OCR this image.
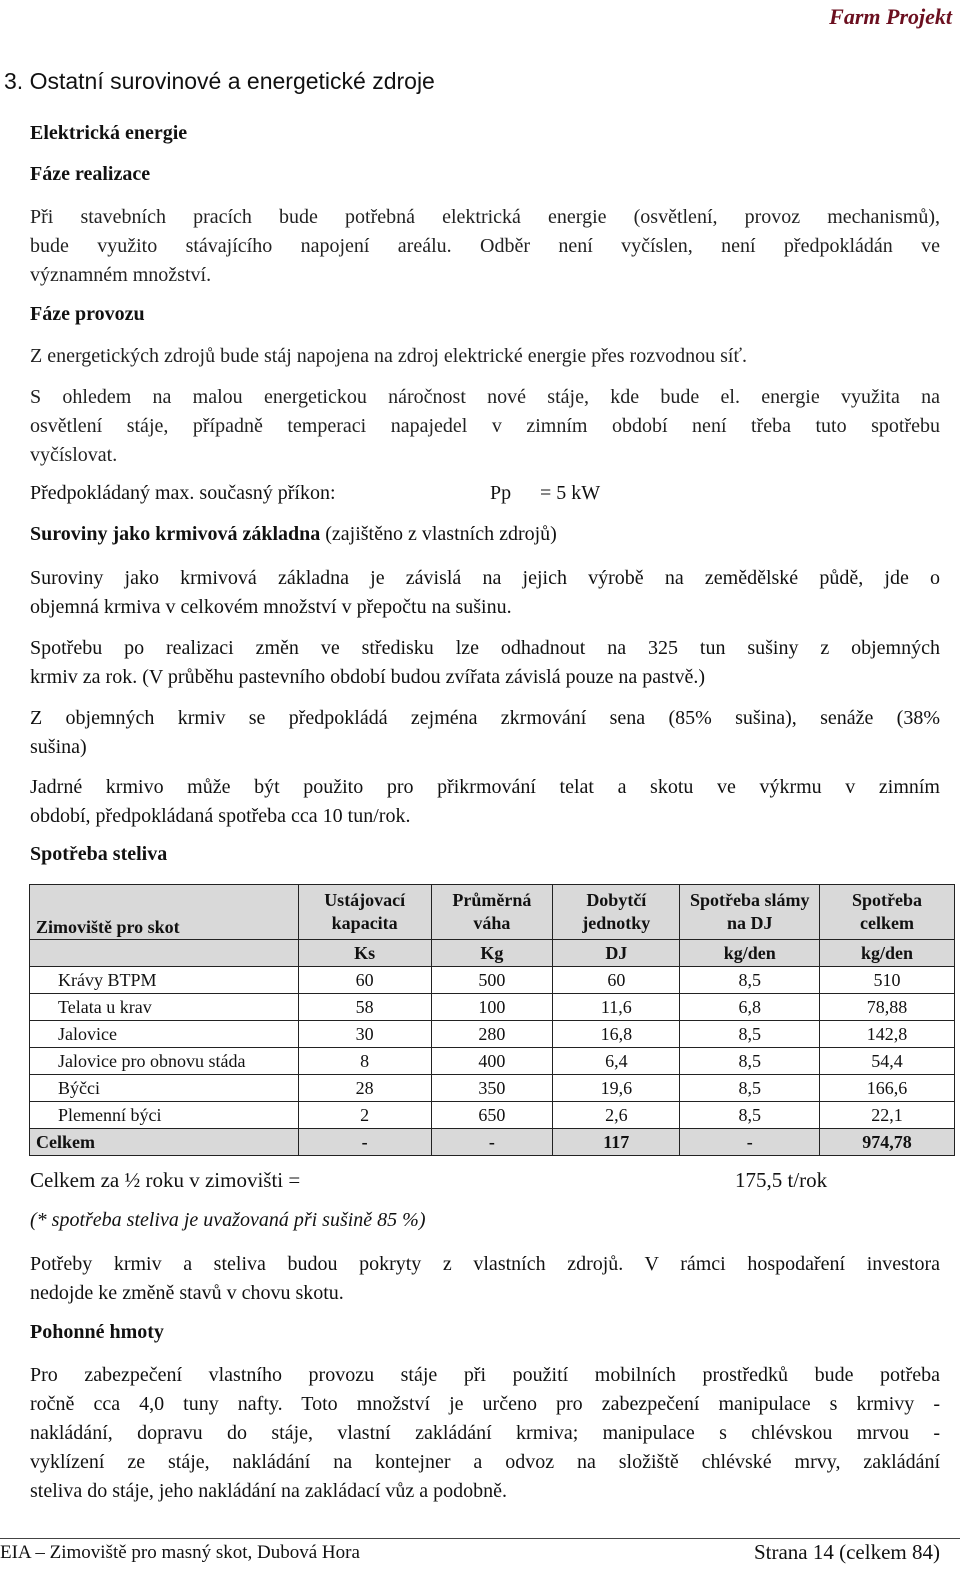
Farm Projekt
3. Ostatní surovinové a energetické zdroje
Elektrická energie
Fáze realizace
Při stavebních pracích bude potřebná elektrická energie (osvětlení, provoz mechanismů),
bude využito stávajícího napojení areálu. Odběr není vyčíslen, není předpokládán ve
významném množství.
Fáze provozu
Z energetických zdrojů bude stáj napojena na zdroj elektrické energie přes rozvodnou síť.
S ohledem na malou energetickou náročnost nové stáje, kde bude el. energie využita na
osvětlení stáje, případně temperaci napajedel v zimním období není třeba tuto spotřebu
vyčíslovat.
Předpokládaný max. současný příkon:	Pp = 5 kW
Suroviny jako krmivová základna (zajištěno z vlastních zdrojů)
Suroviny jako krmivová základna je závislá na jejich výrobě na zemědělské půdě, jde o
objemná krmiva v celkovém množství v přepočtu na sušinu.
Spotřebu po realizaci změn ve středisku lze odhadnout na 325 tun sušiny z objemných
krmiv za rok. (V průběhu pastevního období budou zvířata závislá pouze na pastvě.)
Z objemných krmiv se předpokládá zejména zkrmování sena (85% sušina), senáže (38%
sušina)
Jadrné krmivo může být použito pro přikrmování telat a skotu ve výkrmu v zimním
období, předpokládaná spotřeba cca 10 tun/rok.
Spotřeba steliva
Zimoviště pro skot	Ustájovací kapacita	Průměrná váha	Dobytčí jednotky	Spotřeba slámy na DJ	Spotřeba celkem
	Ks	Kg	DJ	kg/den	kg/den
Krávy BTPM	60	500	60	8,5	510
Telata u krav	58	100	11,6	6,8	78,88
Jalovice	30	280	16,8	8,5	142,8
Jalovice pro obnovu stáda	8	400	6,4	8,5	54,4
Býčci	28	350	19,6	8,5	166,6
Plemenní býci	2	650	2,6	8,5	22,1
Celkem	-	-	117	-	974,78
Celkem za ½ roku v zimovišti =	175,5 t/rok
(* spotřeba steliva je uvažovaná při sušině 85 %)
Potřeby krmiv a steliva budou pokryty z vlastních zdrojů. V rámci hospodaření investora
nedojde ke změně stavů v chovu skotu.
Pohonné hmoty
Pro zabezpečení vlastního provozu stáje při použití mobilních prostředků bude potřeba
ročně cca 4,0 tuny nafty. Toto množství je určeno pro zabezpečení manipulace s krmivy -
nakládání, dopravu do stáje, vlastní zakládání krmiva; manipulace s chlévskou mrvou -
vyklízení ze stáje, nakládání na kontejner a odvoz na složiště chlévské mrvy, zakládání
steliva do stáje, jeho nakládání na zakládací vůz a podobně.
EIA – Zimoviště pro masný skot, Dubová Hora	Strana 14 (celkem 84)
